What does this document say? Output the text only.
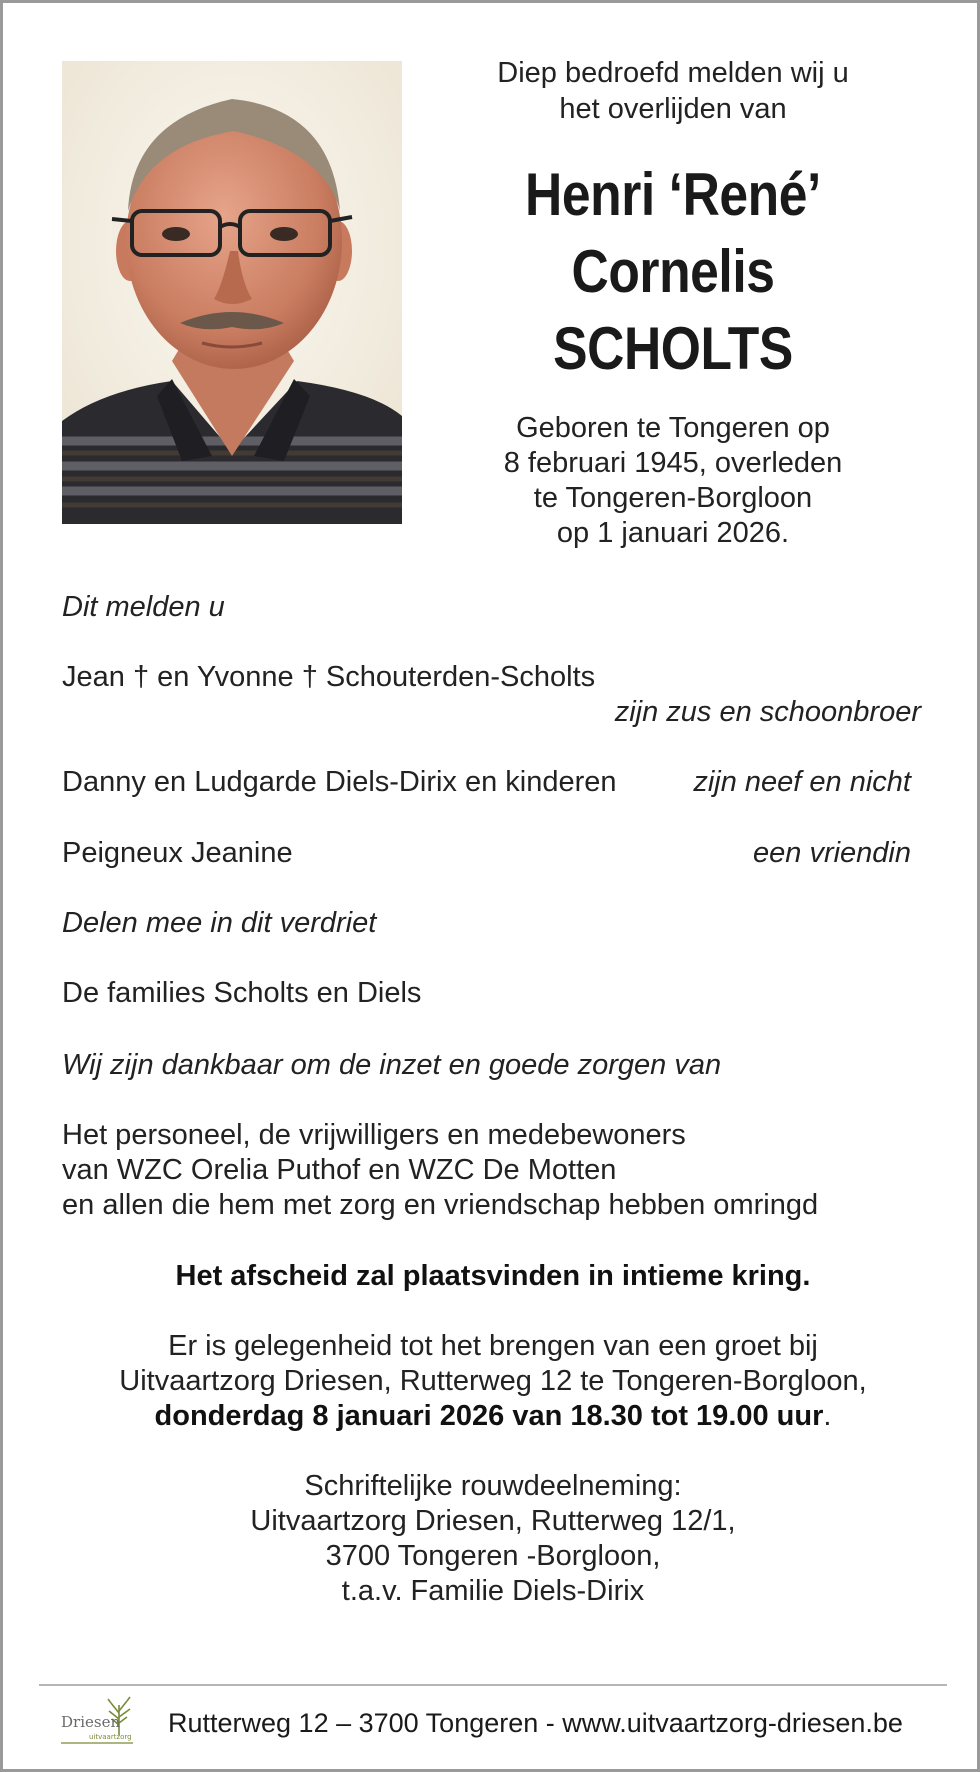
Diep bedroefd melden wij u
het overlijden van
Henri ‘René’
Cornelis
SCHOLTS
Geboren te Tongeren op
8 februari 1945, overleden
te Tongeren-Borgloon
op 1 januari 2026.
Dit melden u
Jean † en Yvonne † Schouterden-Scholts
zijn zus en schoonbroer
Danny en Ludgarde Diels-Dirix en kinderen	zijn neef en nicht
Peigneux Jeanine	een vriendin
Delen mee in dit verdriet
De families Scholts en Diels
Wij zijn dankbaar om de inzet en goede zorgen van
Het personeel, de vrijwilligers en medebewoners
van WZC Orelia Puthof en WZC De Motten
en allen die hem met zorg en vriendschap hebben omringd
Het afscheid zal plaatsvinden in intieme kring.
Er is gelegenheid tot het brengen van een groet bij
Uitvaartzorg Driesen, Rutterweg 12 te Tongeren-Borgloon,
donderdag 8 januari 2026 van 18.30 tot 19.00 uur.
Schriftelijke rouwdeelneming:
Uitvaartzorg Driesen, Rutterweg 12/1,
3700 Tongeren -Borgloon,
t.a.v. Familie Diels-Dirix
Driesen
uitvaartzorg Rutterweg 12 – 3700 Tongeren - www.uitvaartzorg-driesen.be
